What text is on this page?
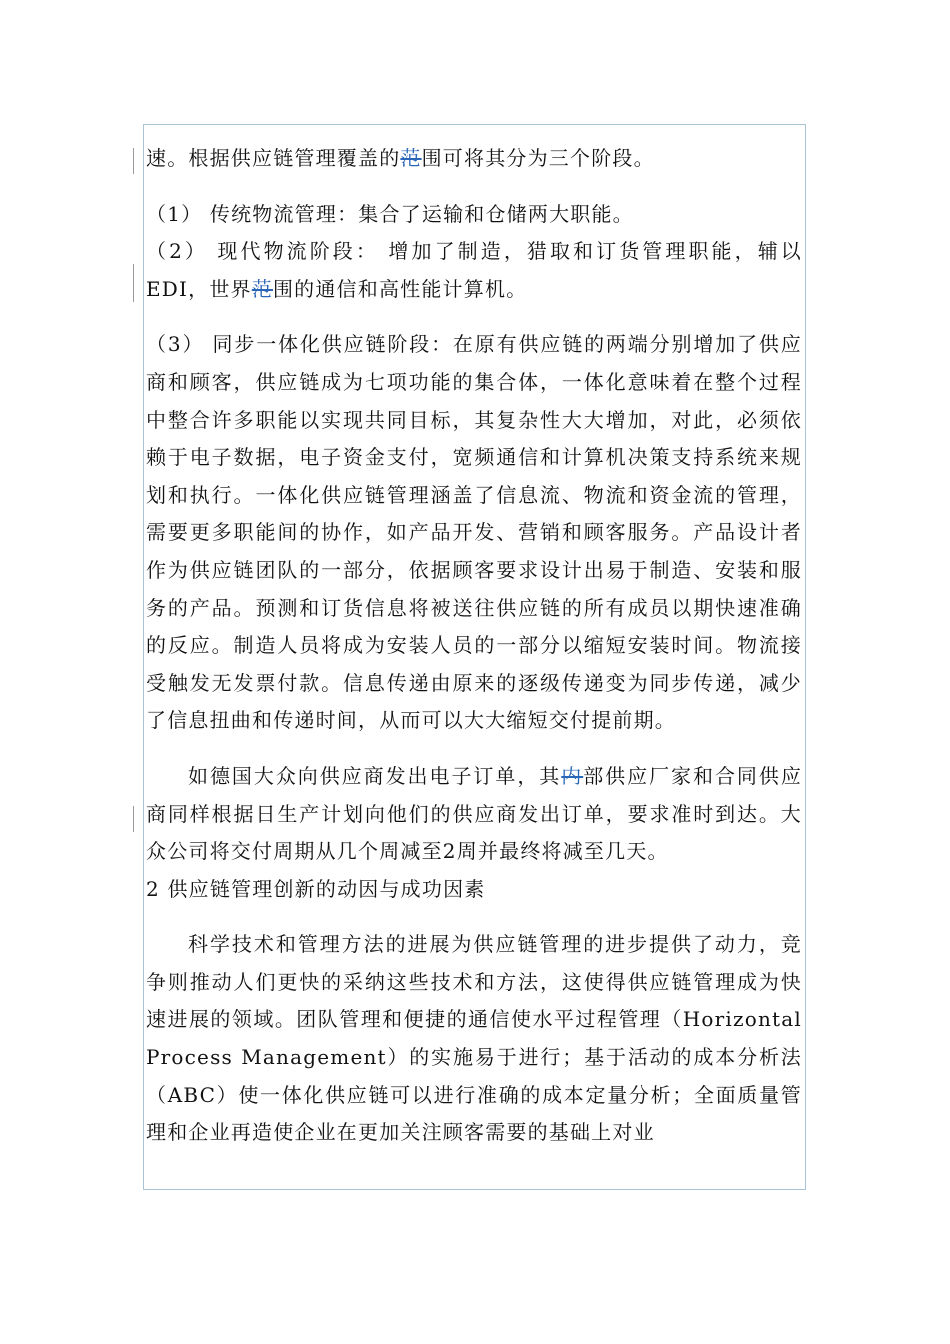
速。根据供应链管理覆盖的范围可将其分为三个阶段。

（1） 传统物流管理：集合了运输和仓储两大职能。

（2） 现代物流阶段： 增加了制造，猎取和订货管理职能，辅以EDI，世界范围的通信和高性能计算机。

（3） 同步一体化供应链阶段：在原有供应链的两端分别增加了供应商和顾客，供应链成为七项功能的集合体，一体化意味着在整个过程中整合许多职能以实现共同目标，其复杂性大大增加，对此，必须依赖于电子数据，电子资金支付，宽频通信和计算机决策支持系统来规划和执行。一体化供应链管理涵盖了信息流、物流和资金流的管理，需要更多职能间的协作，如产品开发、营销和顾客服务。产品设计者作为供应链团队的一部分，依据顾客要求设计出易于制造、安装和服务的产品。预测和订货信息将被送往供应链的所有成员以期快速准确的反应。制造人员将成为安装人员的一部分以缩短安装时间。物流接受触发无发票付款。信息传递由原来的逐级传递变为同步传递，减少了信息扭曲和传递时间，从而可以大大缩短交付提前期。

如德国大众向供应商发出电子订单，其内部供应厂家和合同供应商同样根据日生产计划向他们的供应商发出订单，要求准时到达。大众公司将交付周期从几个周减至2周并最终将减至几天。

2 供应链管理创新的动因与成功因素

科学技术和管理方法的进展为供应链管理的进步提供了动力，竞争则推动人们更快的采纳这些技术和方法，这使得供应链管理成为快速进展的领域。团队管理和便捷的通信使水平过程管理（Horizontal Process Management）的实施易于进行；基于活动的成本分析法（ABC）使一体化供应链可以进行准确的成本定量分析；全面质量管理和企业再造使企业在更加关注顾客需要的基础上对业
